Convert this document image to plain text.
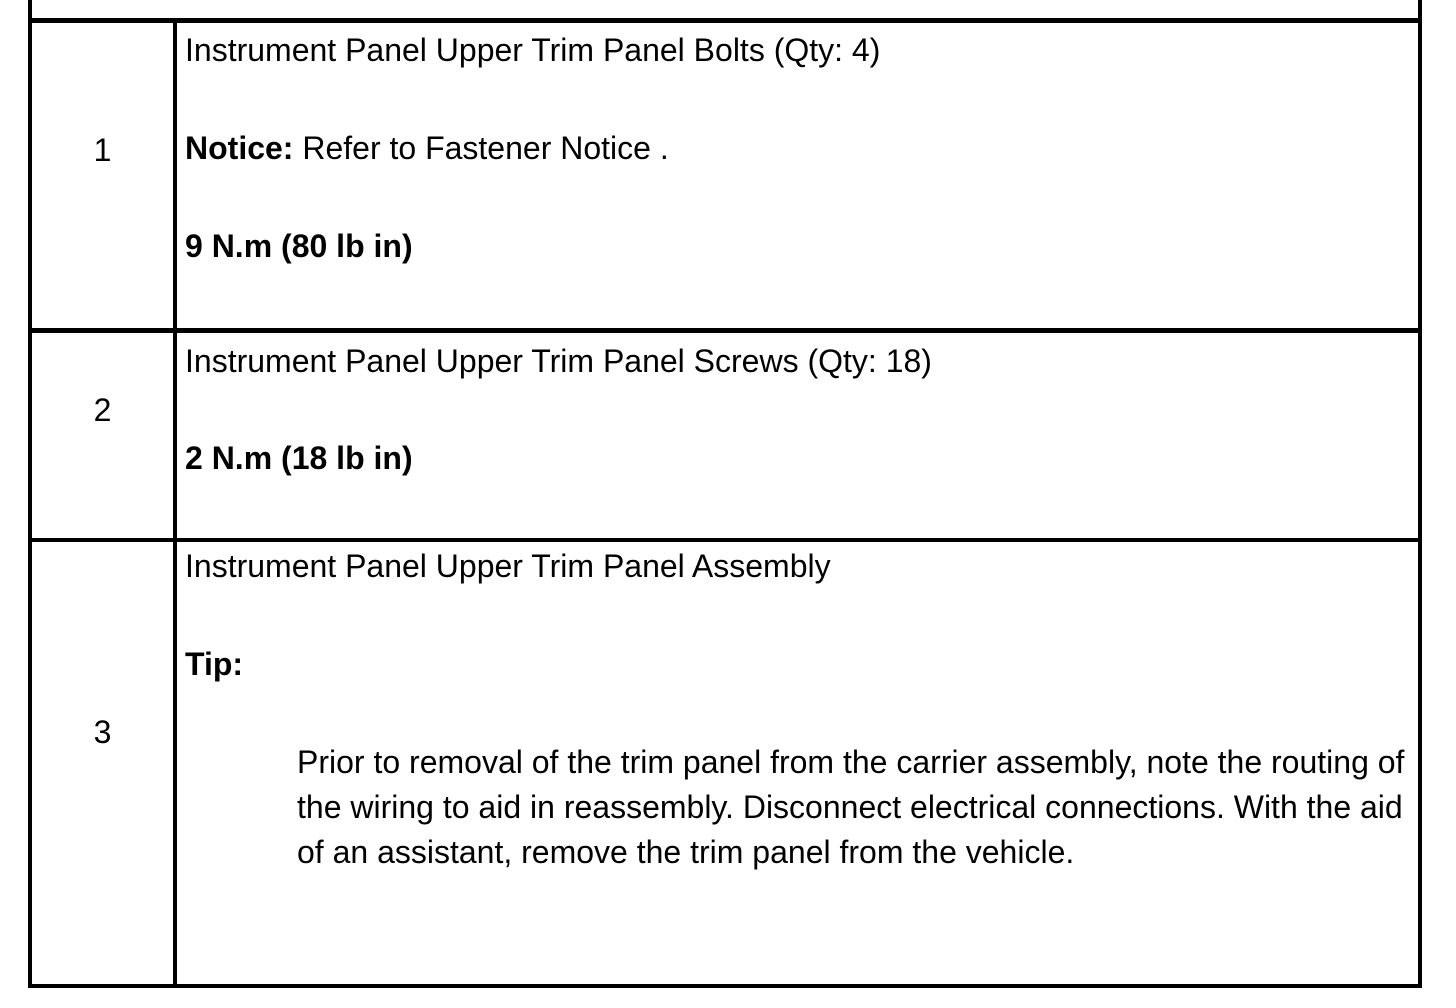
1
Instrument Panel Upper Trim Panel Bolts (Qty: 4)
Notice: Refer to Fastener Notice .
9 N.m (80 lb in)
2
Instrument Panel Upper Trim Panel Screws (Qty: 18)
2 N.m (18 lb in)
3
Instrument Panel Upper Trim Panel Assembly
Tip:
Prior to removal of the trim panel from the carrier assembly, note the routing of the wiring to aid in reassembly. Disconnect electrical connections. With the aid of an assistant, remove the trim panel from the vehicle.
